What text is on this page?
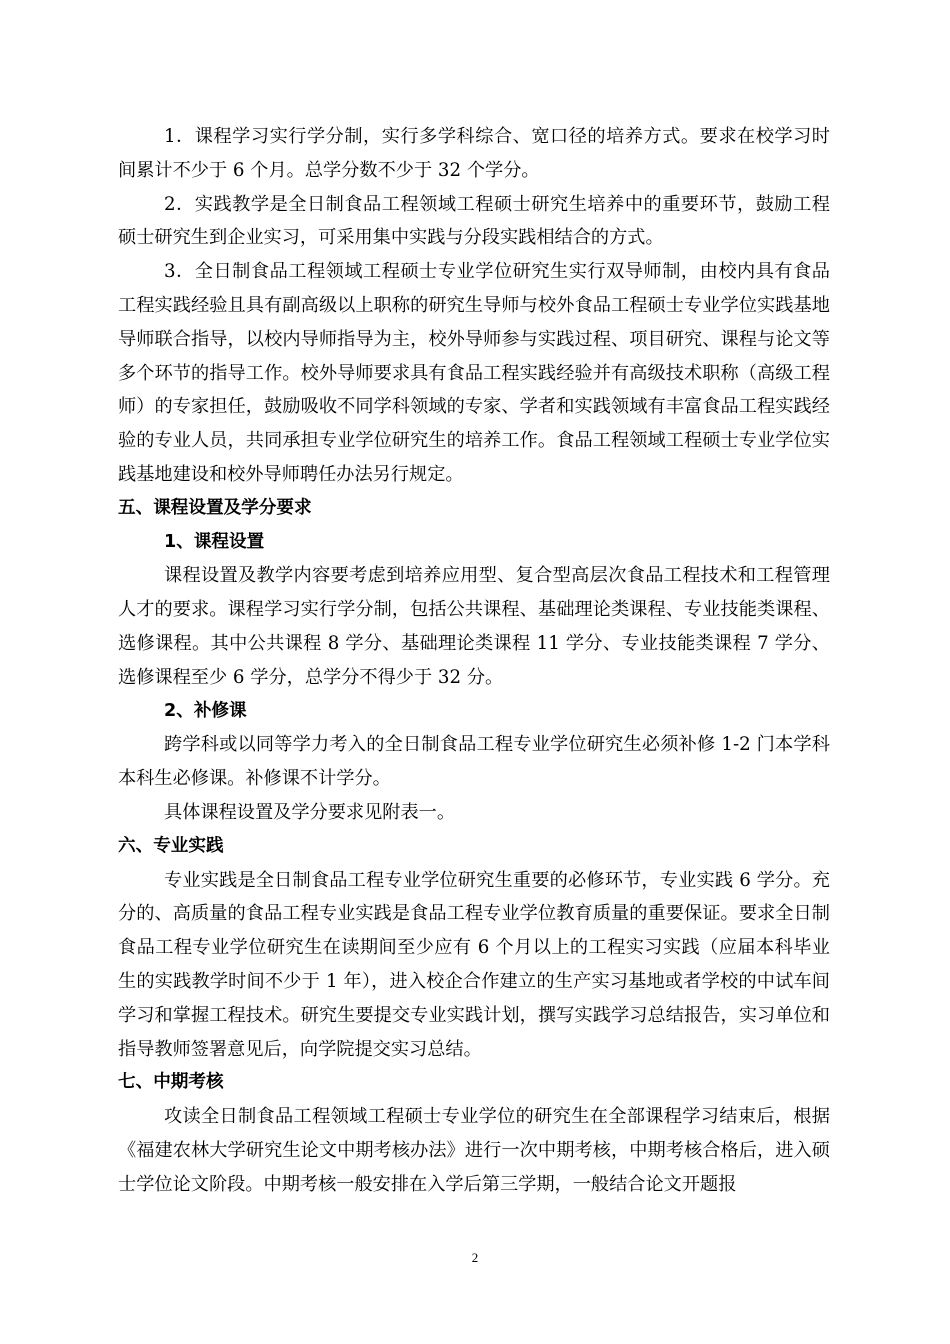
1．课程学习实行学分制，实行多学科综合、宽口径的培养方式。要求在校学习时间累计不少于 6 个月。总学分数不少于 32 个学分。

2．实践教学是全日制食品工程领域工程硕士研究生培养中的重要环节，鼓励工程硕士研究生到企业实习，可采用集中实践与分段实践相结合的方式。

3．全日制食品工程领域工程硕士专业学位研究生实行双导师制，由校内具有食品工程实践经验且具有副高级以上职称的研究生导师与校外食品工程硕士专业学位实践基地导师联合指导，以校内导师指导为主，校外导师参与实践过程、项目研究、课程与论文等多个环节的指导工作。校外导师要求具有食品工程实践经验并有高级技术职称（高级工程师）的专家担任，鼓励吸收不同学科领域的专家、学者和实践领域有丰富食品工程实践经验的专业人员，共同承担专业学位研究生的培养工作。食品工程领域工程硕士专业学位实践基地建设和校外导师聘任办法另行规定。

五、课程设置及学分要求

1、课程设置

课程设置及教学内容要考虑到培养应用型、复合型高层次食品工程技术和工程管理人才的要求。课程学习实行学分制，包括公共课程、基础理论类课程、专业技能类课程、选修课程。其中公共课程 8 学分、基础理论类课程 11 学分、专业技能类课程 7 学分、选修课程至少 6 学分，总学分不得少于 32 分。

2、补修课

跨学科或以同等学力考入的全日制食品工程专业学位研究生必须补修 1-2 门本学科本科生必修课。补修课不计学分。

具体课程设置及学分要求见附表一。

六、专业实践

专业实践是全日制食品工程专业学位研究生重要的必修环节，专业实践 6 学分。充分的、高质量的食品工程专业实践是食品工程专业学位教育质量的重要保证。要求全日制食品工程专业学位研究生在读期间至少应有 6 个月以上的工程实习实践（应届本科毕业生的实践教学时间不少于 1 年），进入校企合作建立的生产实习基地或者学校的中试车间学习和掌握工程技术。研究生要提交专业实践计划，撰写实践学习总结报告，实习单位和指导教师签署意见后，向学院提交实习总结。

七、中期考核

攻读全日制食品工程领域工程硕士专业学位的研究生在全部课程学习结束后，根据《福建农林大学研究生论文中期考核办法》进行一次中期考核，中期考核合格后，进入硕士学位论文阶段。中期考核一般安排在入学后第三学期，一般结合论文开题报

2
